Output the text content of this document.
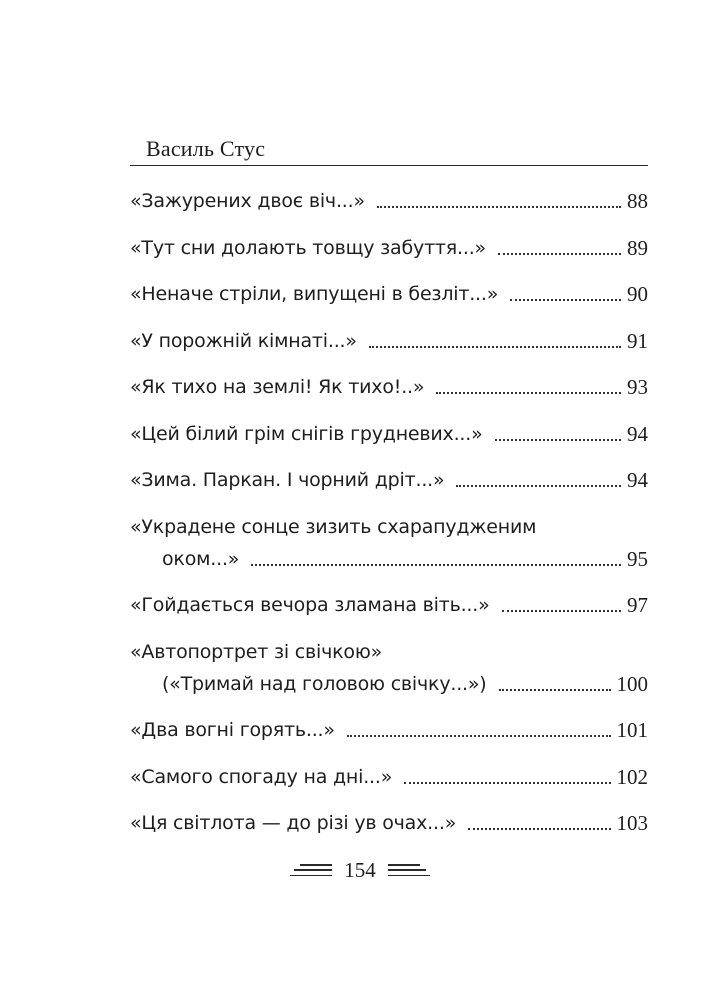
Василь Стус
«Зажурених двоє віч...»	88
«Тут сни долають товщу забуття...»	89
«Неначе стріли, випущені в безліт...»	90
«У порожній кімнаті...»	91
«Як тихо на землі! Як тихо!..»	93
«Цей білий грім снігів грудневих...»	94
«Зима. Паркан. І чорний дріт...»	94
«Украдене сонце зизить схарапудженим
оком...»	95
«Гойдається вечора зламана віть...»	97
«Автопортрет зі свічкою»
(«Тримай над головою свічку...»)	100
«Два вогні горять...»	101
«Самого спогаду на дні...»	102
«Ця світлота — до різі ув очах...»	103
154
